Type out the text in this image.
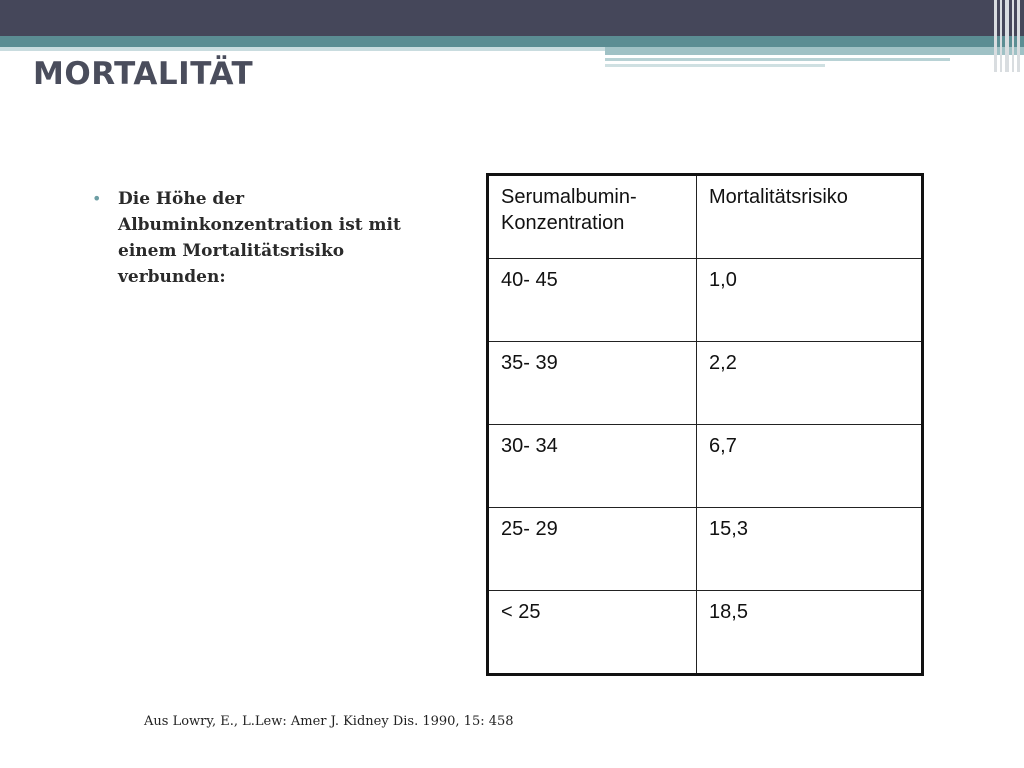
MORTALITÄT
• Die Höhe der Albuminkonzentration ist mit einem Mortalitätsrisiko verbunden:
Serumalbumin-Konzentration	Mortalitätsrisiko
40- 45	1,0
35- 39	2,2
30- 34	6,7
25- 29	15,3
< 25	18,5

Aus Lowry, E., L.Lew: Amer J. Kidney Dis. 1990, 15: 458
